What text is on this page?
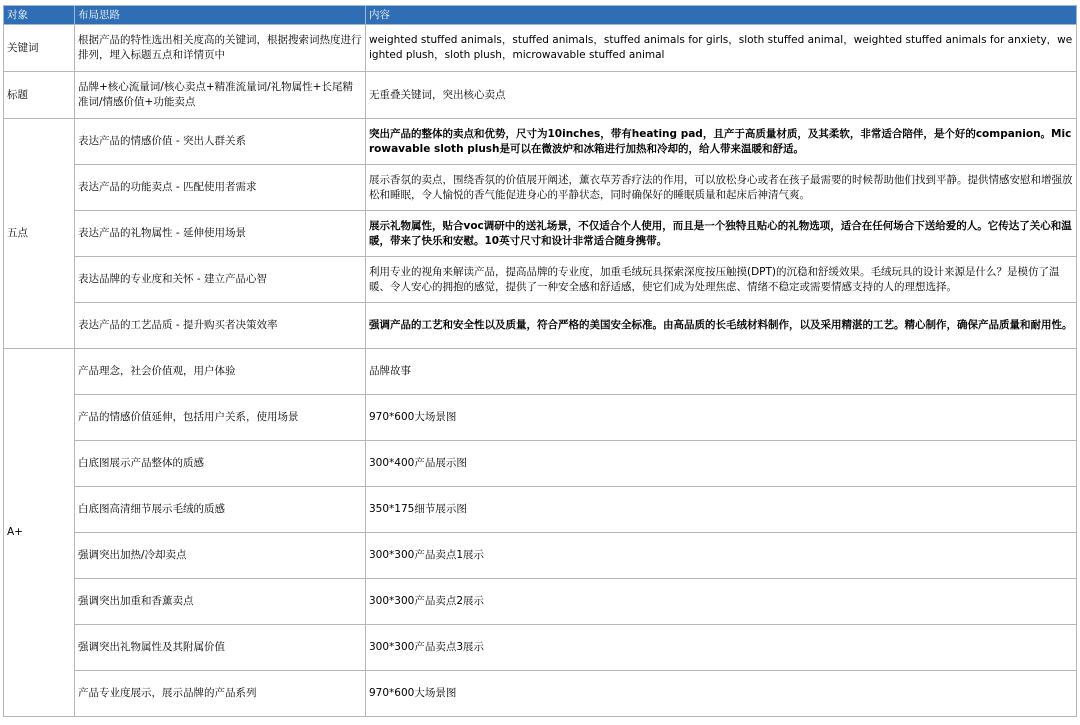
对象	布局思路	内容
关键词	根据产品的特性选出相关度高的关键词，根据搜索词热度进行排列，埋入标题五点和详情页中	weighted stuffed animals，stuffed animals，stuffed animals for girls，sloth stuffed animal，weighted stuffed animals for anxiety，weighted plush，sloth plush，microwavable stuffed animal
标题	品牌+核心流量词/核心卖点+精准流量词/礼物属性+长尾精准词/情感价值+功能卖点	无重叠关键词，突出核心卖点
五点	表达产品的情感价值 - 突出人群关系	突出产品的整体的卖点和优势，尺寸为10inches，带有heating pad，且产于高质量材质，及其柔软，非常适合陪伴，是个好的companion。Microwavable sloth plush是可以在微波炉和冰箱进行加热和冷却的，给人带来温暖和舒适。
	表达产品的功能卖点 - 匹配使用者需求	展示香氛的卖点，围绕香氛的价值展开阐述，薰衣草芳香疗法的作用，可以放松身心或者在孩子最需要的时候帮助他们找到平静。提供情感安慰和增强放松和睡眠，令人愉悦的香气能促进身心的平静状态，同时确保好的睡眠质量和起床后神清气爽。
	表达产品的礼物属性 - 延伸使用场景	展示礼物属性，贴合voc调研中的送礼场景，不仅适合个人使用，而且是一个独特且贴心的礼物选项，适合在任何场合下送给爱的人。它传达了关心和温暖，带来了快乐和安慰。10英寸尺寸和设计非常适合随身携带。
	表达品牌的专业度和关怀 - 建立产品心智	利用专业的视角来解读产品，提高品牌的专业度，加重毛绒玩具探索深度按压触摸(DPT)的沉稳和舒缓效果。毛绒玩具的设计来源是什么？是模仿了温暖、令人安心的拥抱的感觉，提供了一种安全感和舒适感，使它们成为处理焦虑、情绪不稳定或需要情感支持的人的理想选择。
	表达产品的工艺品质 - 提升购买者决策效率	强调产品的工艺和安全性以及质量，符合严格的美国安全标准。由高品质的长毛绒材料制作，以及采用精湛的工艺。精心制作，确保产品质量和耐用性。
A+	产品理念，社会价值观，用户体验	品牌故事
	产品的情感价值延伸，包括用户关系，使用场景	970*600大场景图
	白底图展示产品整体的质感	300*400产品展示图
	白底图高清细节展示毛绒的质感	350*175细节展示图
	强调突出加热/冷却卖点	300*300产品卖点1展示
	强调突出加重和香薰卖点	300*300产品卖点2展示
	强调突出礼物属性及其附属价值	300*300产品卖点3展示
	产品专业度展示，展示品牌的产品系列	970*600大场景图
